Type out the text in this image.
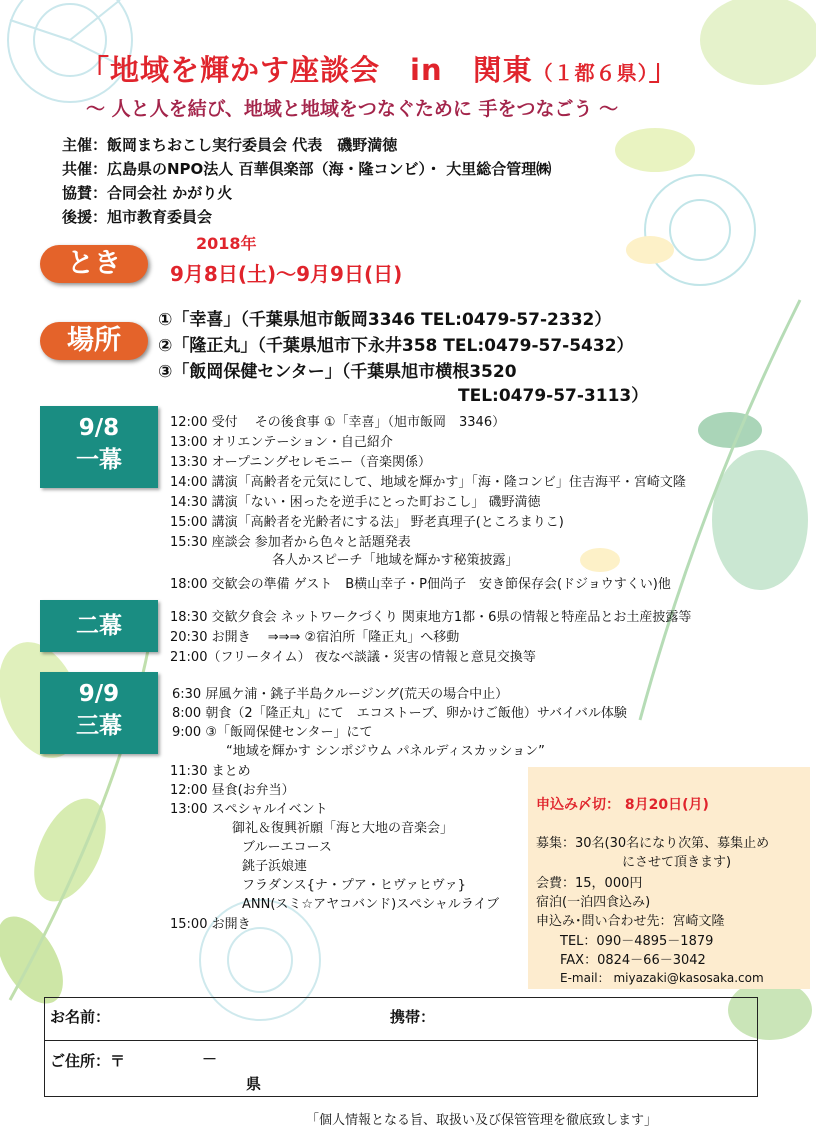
「地域を輝かす座談会　in　関東（１都６県）」
～ 人と人を結び、地域と地域をつなぐために 手をつなごう ～
主催：飯岡まちおこし実行委員会 代表　磯野満徳
共催：広島県のNPO法人 百華倶楽部（海・隆コンビ）・ 大里総合管理㈱
協賛：合同会社 かがり火
後援：旭市教育委員会
とき
2018年
9月8日(土)～9月9日(日)
場所
①「幸喜」（千葉県旭市飯岡3346 TEL:0479-57-2332）
②「隆正丸」（千葉県旭市下永井358 TEL:0479-57-5432）
③「飯岡保健センター」（千葉県旭市横根3520
TEL:0479-57-3113）
9/8
一幕
二幕
9/9
三幕
12:00 受付　 その後食事 ①「幸喜」（旭市飯岡　3346）
13:00 オリエンテーション・自己紹介
13:30 オープニングセレモニー（音楽関係）
14:00 講演「高齢者を元気にして、地域を輝かす」「海・隆コンビ」住吉海平・宮崎文隆
14:30 講演「ない・困ったを逆手にとった町おこし」 磯野満徳
15:00 講演「高齢者を光齢者にする法」 野老真理子(ところまりこ)
15:30 座談会 参加者から色々と話題発表
各人かスピーチ「地域を輝かす秘策披露」
18:00 交歓会の準備 ゲスト　B横山幸子・P佃尚子　安き節保存会(ドジョウすくい)他
18:30 交歓夕食会 ネットワークづくり 関東地方1都・6県の情報と特産品とお土産披露等
20:30 お開き　 ⇒⇒⇒ ②宿泊所「隆正丸」へ移動
21:00（フリータイム） 夜なべ談議・災害の情報と意見交換等
6:30 屏風ケ浦・銚子半島クルージング(荒天の場合中止）
8:00 朝食（2「隆正丸」にて　エコストーブ、卵かけご飯他）サバイバル体験
9:00 ③「飯岡保健センター」にて
“地域を輝かす シンポジウム パネルディスカッション”
11:30 まとめ
12:00 昼食(お弁当）
13:00 スペシャルイベント
御礼＆復興祈願「海と大地の音楽会」
ブルーエコース
銚子浜娘連
フラダンス{ナ・プア・ヒヴァヒヴァ}
ANN(スミ☆アヤコバンド)スペシャルライブ
15:00 お開き
申込み〆切： 8月20日(月)
募集：30名(30名になり次第、募集止め
にさせて頂きます)
会費：15，000円
宿泊(一泊四食込み)
申込み･問い合わせ先：宮崎文隆
TEL：090－4895－1879
FAX：0824－66－3042
E-mail： miyazaki@kasosaka.com
お名前：	携帯：
ご住所：〒	－
県
「個人情報となる旨、取扱い及び保管管理を徹底致します」
